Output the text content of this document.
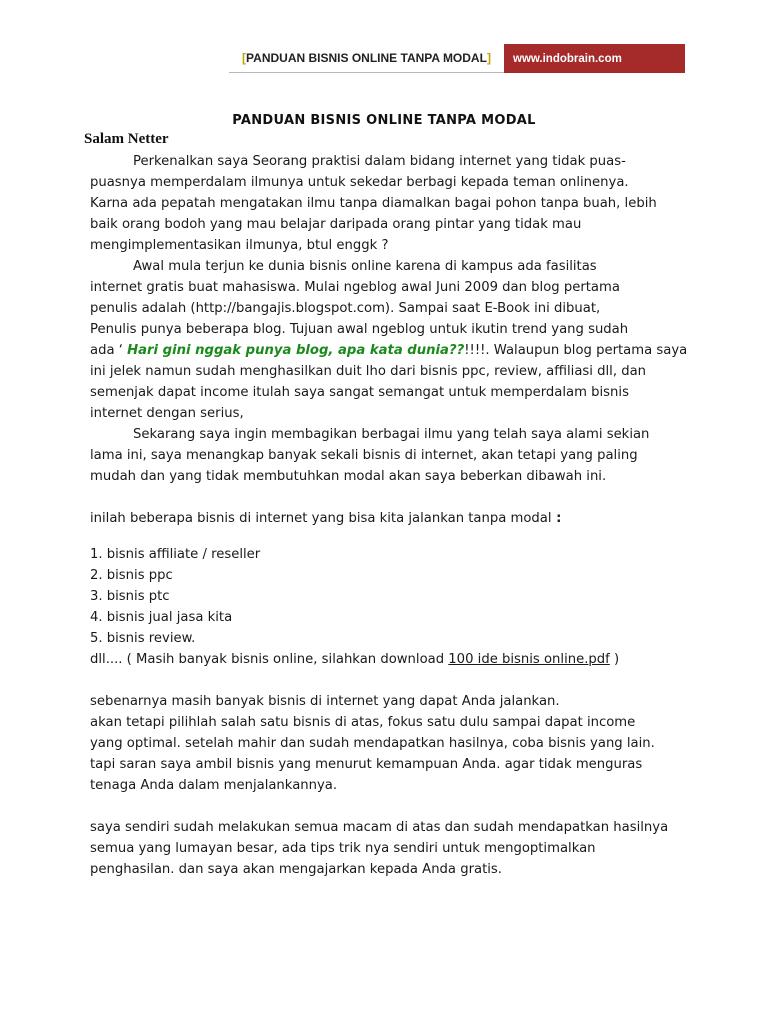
[ PANDUAN BISNIS ONLINE TANPA MODAL ]	www.indobrain.com
PANDUAN BISNIS ONLINE TANPA MODAL
Salam Netter
Perkenalkan saya Seorang praktisi dalam bidang internet yang tidak puas-
puasnya memperdalam ilmunya untuk sekedar berbagi kepada teman onlinenya.
Karna ada pepatah mengatakan ilmu tanpa diamalkan bagai pohon tanpa buah, lebih
baik orang bodoh yang mau belajar daripada orang pintar yang tidak mau
mengimplementasikan ilmunya, btul enggk ?
Awal mula terjun ke dunia bisnis online karena di kampus ada fasilitas
internet gratis buat mahasiswa. Mulai ngeblog awal Juni 2009 dan blog pertama
penulis adalah (http://bangajis.blogspot.com). Sampai saat E-Book ini dibuat,
Penulis punya beberapa blog. Tujuan awal ngeblog untuk ikutin trend yang sudah
ada ‘ Hari gini nggak punya blog, apa kata dunia??!!!!. Walaupun blog pertama saya
ini jelek namun sudah menghasilkan duit lho dari bisnis ppc, review, affiliasi dll, dan
semenjak dapat income itulah saya sangat semangat untuk memperdalam bisnis
internet dengan serius,
Sekarang saya ingin membagikan berbagai ilmu yang telah saya alami sekian
lama ini, saya menangkap banyak sekali bisnis di internet, akan tetapi yang paling
mudah dan yang tidak membutuhkan modal akan saya beberkan dibawah ini.
inilah beberapa bisnis di internet yang bisa kita jalankan tanpa modal :
1. bisnis affiliate / reseller
2. bisnis ppc
3. bisnis ptc
4. bisnis jual jasa kita
5. bisnis review.
dll.... ( Masih banyak bisnis online, silahkan download 100 ide bisnis online.pdf )
sebenarnya masih banyak bisnis di internet yang dapat Anda jalankan.
akan tetapi pilihlah salah satu bisnis di atas, fokus satu dulu sampai dapat income
yang optimal. setelah mahir dan sudah mendapatkan hasilnya, coba bisnis yang lain.
tapi saran saya ambil bisnis yang menurut kemampuan Anda. agar tidak menguras
tenaga Anda dalam menjalankannya.
saya sendiri sudah melakukan semua macam di atas dan sudah mendapatkan hasilnya
semua yang lumayan besar, ada tips trik nya sendiri untuk mengoptimalkan
penghasilan. dan saya akan mengajarkan kepada Anda gratis.
